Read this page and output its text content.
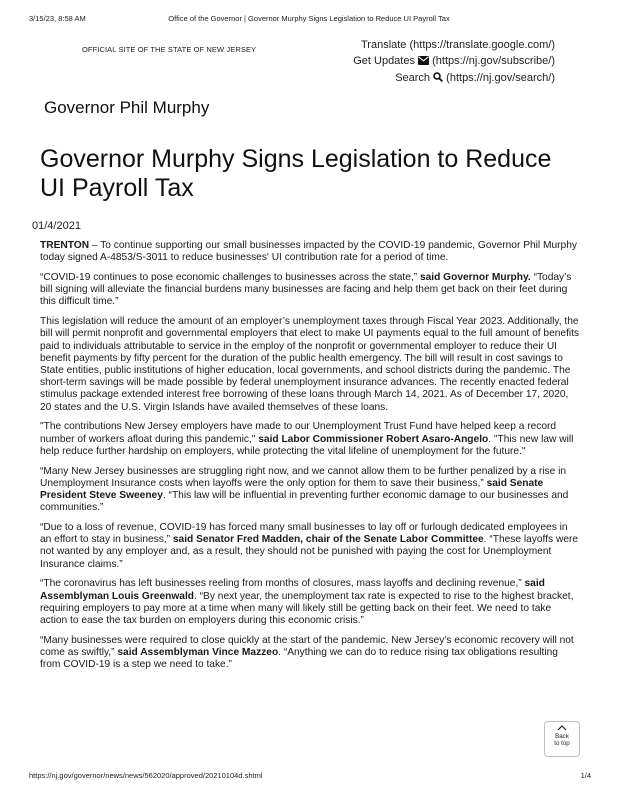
3/15/23, 8:58 AM	Office of the Governor | Governor Murphy Signs Legislation to Reduce UI Payroll Tax
OFFICIAL SITE OF THE STATE OF NEW JERSEY	Translate (https://translate.google.com/)
Get Updates (https://nj.gov/subscribe/)
Search (https://nj.gov/search/)
Governor Phil Murphy
Governor Murphy Signs Legislation to Reduce UI Payroll Tax
01/4/2021

TRENTON – To continue supporting our small businesses impacted by the COVID-19 pandemic, Governor Phil Murphy today signed A-4853/S-3011 to reduce businesses' UI contribution rate for a period of time.

“COVID-19 continues to pose economic challenges to businesses across the state,” said Governor Murphy. “Today’s bill signing will alleviate the financial burdens many businesses are facing and help them get back on their feet during this difficult time.”

This legislation will reduce the amount of an employer’s unemployment taxes through Fiscal Year 2023. Additionally, the bill will permit nonprofit and governmental employers that elect to make UI payments equal to the full amount of benefits paid to individuals attributable to service in the employ of the nonprofit or governmental employer to reduce their UI benefit payments by fifty percent for the duration of the public health emergency. The bill will result in cost savings to State entities, public institutions of higher education, local governments, and school districts during the pandemic. The short-term savings will be made possible by federal unemployment insurance advances. The recently enacted federal stimulus package extended interest free borrowing of these loans through March 14, 2021. As of December 17, 2020, 20 states and the U.S. Virgin Islands have availed themselves of these loans.

"The contributions New Jersey employers have made to our Unemployment Trust Fund have helped keep a record number of workers afloat during this pandemic," said Labor Commissioner Robert Asaro-Angelo. "This new law will help reduce further hardship on employers, while protecting the vital lifeline of unemployment for the future."

“Many New Jersey businesses are struggling right now, and we cannot allow them to be further penalized by a rise in Unemployment Insurance costs when layoffs were the only option for them to save their business,” said Senate President Steve Sweeney. “This law will be influential in preventing further economic damage to our businesses and communities.”

“Due to a loss of revenue, COVID-19 has forced many small businesses to lay off or furlough dedicated employees in an effort to stay in business,” said Senator Fred Madden, chair of the Senate Labor Committee. “These layoffs were not wanted by any employer and, as a result, they should not be punished with paying the cost for Unemployment Insurance claims.”

“The coronavirus has left businesses reeling from months of closures, mass layoffs and declining revenue,” said Assemblyman Louis Greenwald. “By next year, the unemployment tax rate is expected to rise to the highest bracket, requiring employers to pay more at a time when many will likely still be getting back on their feet. We need to take action to ease the tax burden on employers during this economic crisis.”

“Many businesses were required to close quickly at the start of the pandemic. New Jersey’s economic recovery will not come as swiftly,” said Assemblyman Vince Mazzeo. “Anything we can do to reduce rising tax obligations resulting from COVID-19 is a step we need to take.”

Back
to top
https://nj.gov/governor/news/news/562020/approved/20210104d.shtml	1/4
